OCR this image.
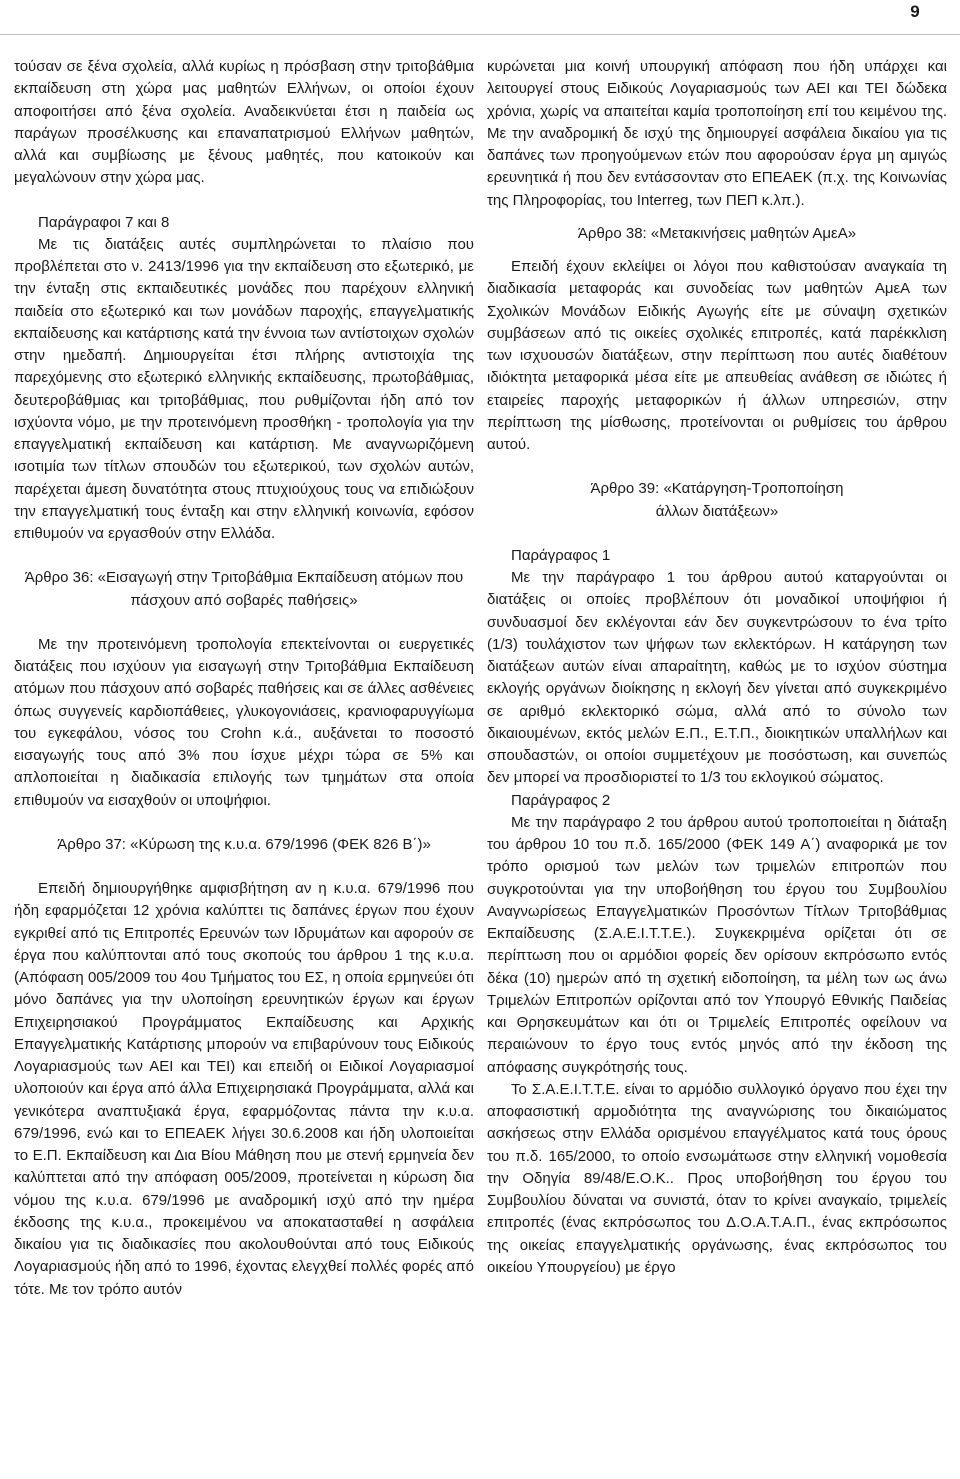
9

τούσαν σε ξένα σχολεία, αλλά κυρίως η πρόσβαση στην τριτοβάθμια εκπαίδευση στη χώρα μας μαθητών Ελλήνων, οι οποίοι έχουν αποφοιτήσει από ξένα σχολεία. Αναδεικνύεται έτσι η παιδεία ως παράγων προσέλκυσης και επαναπατρισμού Ελλήνων μαθητών, αλλά και συμβίωσης με ξένους μαθητές, που κατοικούν και μεγαλώνουν στην χώρα μας.

Παράγραφοι 7 και 8

Με τις διατάξεις αυτές συμπληρώνεται το πλαίσιο που προβλέπεται στο ν. 2413/1996 για την εκπαίδευση στο εξωτερικό, με την ένταξη στις εκπαιδευτικές μονάδες που παρέχουν ελληνική παιδεία στο εξωτερικό και των μονάδων παροχής, επαγγελματικής εκπαίδευσης και κατάρτισης κατά την έννοια των αντίστοιχων σχολών στην ημεδαπή. Δημιουργείται έτσι πλήρης αντιστοιχία της παρεχόμενης στο εξωτερικό ελληνικής εκπαίδευσης, πρωτοβάθμιας, δευτεροβάθμιας και τριτοβάθμιας, που ρυθμίζονται ήδη από τον ισχύοντα νόμο, με την προτεινόμενη προσθήκη - τροπολογία για την επαγγελματική εκπαίδευση και κατάρτιση. Με αναγνωριζόμενη ισοτιμία των τίτλων σπουδών του εξωτερικού, των σχολών αυτών, παρέχεται άμεση δυνατότητα στους πτυχιούχους τους να επιδιώξουν την επαγγελματική τους ένταξη και στην ελληνική κοινωνία, εφόσον επιθυμούν να εργασθούν στην Ελλάδα.

Άρθρο 36: «Εισαγωγή στην Τριτοβάθμια Εκπαίδευση ατόμων που πάσχουν από σοβαρές παθήσεις»

Με την προτεινόμενη τροπολογία επεκτείνονται οι ευεργετικές διατάξεις που ισχύουν για εισαγωγή στην Τριτοβάθμια Εκπαίδευση ατόμων που πάσχουν από σοβαρές παθήσεις και σε άλλες ασθένειες όπως συγγενείς καρδιοπάθειες, γλυκογονιάσεις, κρανιοφαρυγγίωμα του εγκεφάλου, νόσος του Crohn κ.ά., αυξάνεται το ποσοστό εισαγωγής τους από 3% που ίσχυε μέχρι τώρα σε 5% και απλοποιείται η διαδικασία επιλογής των τμημάτων στα οποία επιθυμούν να εισαχθούν οι υποψήφιοι.

Άρθρο 37: «Κύρωση της κ.υ.α. 679/1996 (ΦΕΚ 826 Β΄)»

Επειδή δημιουργήθηκε αμφισβήτηση αν η κ.υ.α. 679/1996 που ήδη εφαρμόζεται 12 χρόνια καλύπτει τις δαπάνες έργων που έχουν εγκριθεί από τις Επιτροπές Ερευνών των Ιδρυμάτων και αφορούν σε έργα που καλύπτονται από τους σκοπούς του άρθρου 1 της κ.υ.α. (Απόφαση 005/2009 του 4ου Τμήματος του ΕΣ, η οποία ερμηνεύει ότι μόνο δαπάνες για την υλοποίηση ερευνητικών έργων και έργων Επιχειρησιακού Προγράμματος Εκπαίδευσης και Αρχικής Επαγγελματικής Κατάρτισης μπορούν να επιβαρύνουν τους Ειδικούς Λογαριασμούς των ΑΕΙ και ΤΕΙ) και επειδή οι Ειδικοί Λογαριασμοί υλοποιούν και έργα από άλλα Επιχειρησιακά Προγράμματα, αλλά και γενικότερα αναπτυξιακά έργα, εφαρμόζοντας πάντα την κ.υ.α. 679/1996, ενώ και το ΕΠΕΑΕΚ λήγει 30.6.2008 και ήδη υλοποιείται το Ε.Π. Εκπαίδευση και Δια Βίου Μάθηση που με στενή ερμηνεία δεν καλύπτεται από την απόφαση 005/2009, προτείνεται η κύρωση δια νόμου της κ.υ.α. 679/1996 με αναδρομική ισχύ από την ημέρα έκδοσης της κ.υ.α., προκειμένου να αποκατασταθεί η ασφάλεια δικαίου για τις διαδικασίες που ακολουθούνται από τους Ειδικούς Λογαριασμούς ήδη από το 1996, έχοντας ελεγχθεί πολλές φορές από τότε. Με τον τρόπο αυτόν

κυρώνεται μια κοινή υπουργική απόφαση που ήδη υπάρχει και λειτουργεί στους Ειδικούς Λογαριασμούς των ΑΕΙ και ΤΕΙ δώδεκα χρόνια, χωρίς να απαιτείται καμία τροποποίηση επί του κειμένου της. Με την αναδρομική δε ισχύ της δημιουργεί ασφάλεια δικαίου για τις δαπάνες των προηγούμενων ετών που αφορούσαν έργα μη αμιγώς ερευνητικά ή που δεν εντάσσονταν στο ΕΠΕΑΕΚ (π.χ. της Κοινωνίας της Πληροφορίας, του Interreg, των ΠΕΠ κ.λπ.).

Άρθρο 38: «Μετακινήσεις μαθητών ΑμεΑ»

Επειδή έχουν εκλείψει οι λόγοι που καθιστούσαν αναγκαία τη διαδικασία μεταφοράς και συνοδείας των μαθητών ΑμεΑ των Σχολικών Μονάδων Ειδικής Αγωγής είτε με σύναψη σχετικών συμβάσεων από τις οικείες σχολικές επιτροπές, κατά παρέκκλιση των ισχυουσών διατάξεων, στην περίπτωση που αυτές διαθέτουν ιδιόκτητα μεταφορικά μέσα είτε με απευθείας ανάθεση σε ιδιώτες ή εταιρείες παροχής μεταφορικών ή άλλων υπηρεσιών, στην περίπτωση της μίσθωσης, προτείνονται οι ρυθμίσεις του άρθρου αυτού.

Άρθρο 39: «Κατάργηση-Τροποποίηση

άλλων διατάξεων»

Παράγραφος 1

Με την παράγραφο 1 του άρθρου αυτού καταργούνται οι διατάξεις οι οποίες προβλέπουν ότι μοναδικοί υποψήφιοι ή συνδυασμοί δεν εκλέγονται εάν δεν συγκεντρώσουν το ένα τρίτο (1/3) τουλάχιστον των ψήφων των εκλεκτόρων. Η κατάργηση των διατάξεων αυτών είναι απαραίτητη, καθώς με το ισχύον σύστημα εκλογής οργάνων διοίκησης η εκλογή δεν γίνεται από συγκεκριμένο σε αριθμό εκλεκτορικό σώμα, αλλά από το σύνολο των δικαιουμένων, εκτός μελών Ε.Π., Ε.Τ.Π., διοικητικών υπαλλήλων και σπουδαστών, οι οποίοι συμμετέχουν με ποσόστωση, και συνεπώς δεν μπορεί να προσδιοριστεί το 1/3 του εκλογικού σώματος.

Παράγραφος 2

Με την παράγραφο 2 του άρθρου αυτού τροποποιείται η διάταξη του άρθρου 10 του π.δ. 165/2000 (ΦΕΚ 149 Α΄) αναφορικά με τον τρόπο ορισμού των μελών των τριμελών επιτροπών που συγκροτούνται για την υποβοήθηση του έργου του Συμβουλίου Αναγνωρίσεως Επαγγελματικών Προσόντων Τίτλων Τριτοβάθμιας Εκπαίδευσης (Σ.Α.Ε.Ι.Τ.Τ.Ε.). Συγκεκριμένα ορίζεται ότι σε περίπτωση που οι αρμόδιοι φορείς δεν ορίσουν εκπρόσωπο εντός δέκα (10) ημερών από τη σχετική ειδοποίηση, τα μέλη των ως άνω Τριμελών Επιτροπών ορίζονται από τον Υπουργό Εθνικής Παιδείας και Θρησκευμάτων και ότι οι Τριμελείς Επιτροπές οφείλουν να περαιώνουν το έργο τους εντός μηνός από την έκδοση της απόφασης συγκρότησής τους.

Το Σ.Α.Ε.Ι.Τ.Τ.Ε. είναι το αρμόδιο συλλογικό όργανο που έχει την αποφασιστική αρμοδιότητα της αναγνώρισης του δικαιώματος ασκήσεως στην Ελλάδα ορισμένου επαγγέλματος κατά τους όρους του π.δ. 165/2000, το οποίο ενσωμάτωσε στην ελληνική νομοθεσία την Οδηγία 89/48/Ε.Ο.Κ.. Προς υποβοήθηση του έργου του Συμβουλίου δύναται να συνιστά, όταν το κρίνει αναγκαίο, τριμελείς επιτροπές (ένας εκπρόσωπος του Δ.Ο.Α.Τ.Α.Π., ένας εκπρόσωπος της οικείας επαγγελματικής οργάνωσης, ένας εκπρόσωπος του οικείου Υπουργείου) με έργο
